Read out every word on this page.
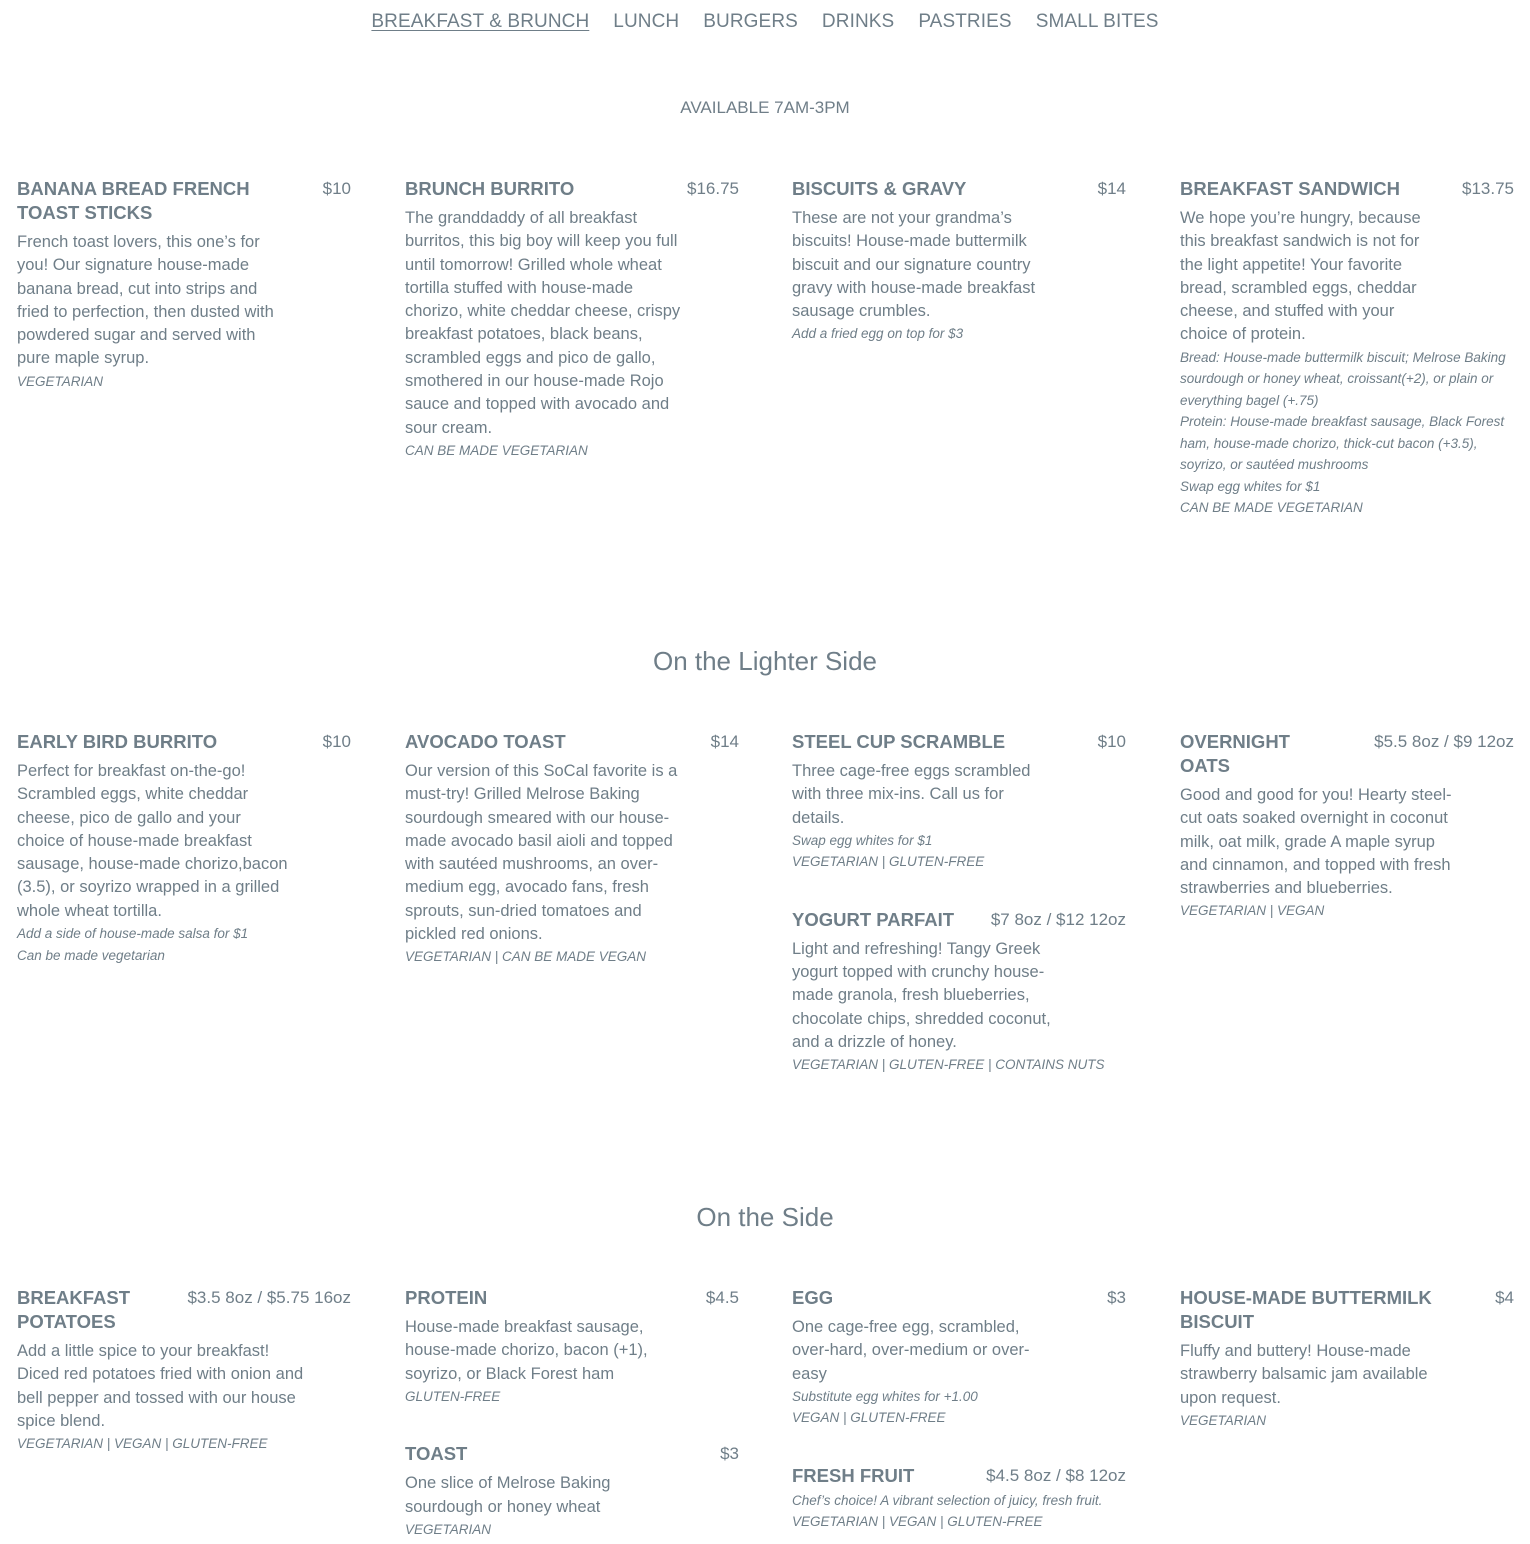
BREAKFAST & BRUNCH LUNCH BURGERS DRINKS PASTRIES SMALL BITES
AVAILABLE 7AM-3PM
BANANA BREAD FRENCH TOAST STICKS
$10
French toast lovers, this one’s for you! Our signature house-made banana bread, cut into strips and fried to perfection, then dusted with powdered sugar and served with pure maple syrup.
VEGETARIAN
BRUNCH BURRITO	$16.75
The granddaddy of all breakfast burritos, this big boy will keep you full until tomorrow! Grilled whole wheat tortilla stuffed with house-made chorizo, white cheddar cheese, crispy breakfast potatoes, black beans, scrambled eggs and pico de gallo, smothered in our house-made Rojo sauce and topped with avocado and sour cream.
CAN BE MADE VEGETARIAN
BISCUITS & GRAVY	$14
These are not your grandma’s biscuits! House-made buttermilk biscuit and our signature country gravy with house-made breakfast sausage crumbles.
Add a fried egg on top for $3
BREAKFAST SANDWICH	$13.75
We hope you’re hungry, because this breakfast sandwich is not for the light appetite! Your favorite bread, scrambled eggs, cheddar cheese, and stuffed with your choice of protein.
Bread: House-made buttermilk biscuit; Melrose Baking sourdough or honey wheat, croissant(+2), or plain or everything bagel (+.75)
Protein: House-made breakfast sausage, Black Forest ham, house-made chorizo, thick-cut bacon (+3.5), soyrizo, or sautéed mushrooms
Swap egg whites for $1
CAN BE MADE VEGETARIAN
On the Lighter Side
EARLY BIRD BURRITO	$10
Perfect for breakfast on-the-go! Scrambled eggs, white cheddar cheese, pico de gallo and your choice of house-made breakfast sausage, house-made chorizo,bacon (3.5), or soyrizo wrapped in a grilled whole wheat tortilla.
Add a side of house-made salsa for $1
Can be made vegetarian
AVOCADO TOAST	$14
Our version of this SoCal favorite is a must-try! Grilled Melrose Baking sourdough smeared with our house-made avocado basil aioli and topped with sautéed mushrooms, an over-medium egg, avocado fans, fresh sprouts, sun-dried tomatoes and pickled red onions.
VEGETARIAN | CAN BE MADE VEGAN
STEEL CUP SCRAMBLE	$10
Three cage-free eggs scrambled with three mix-ins. Call us for details.
Swap egg whites for $1
VEGETARIAN | GLUTEN-FREE
YOGURT PARFAIT	$7 8oz / $12 12oz
Light and refreshing! Tangy Greek yogurt topped with crunchy house-made granola, fresh blueberries, chocolate chips, shredded coconut, and a drizzle of honey.
VEGETARIAN | GLUTEN-FREE | CONTAINS NUTS
OVERNIGHT OATS
$5.5 8oz / $9 12oz
Good and good for you! Hearty steel-cut oats soaked overnight in coconut milk, oat milk, grade A maple syrup and cinnamon, and topped with fresh strawberries and blueberries.
VEGETARIAN | VEGAN
On the Side
BREAKFAST POTATOES
$3.5 8oz / $5.75 16oz
Add a little spice to your breakfast! Diced red potatoes fried with onion and bell pepper and tossed with our house spice blend.
VEGETARIAN | VEGAN | GLUTEN-FREE
PROTEIN	$4.5
House-made breakfast sausage, house-made chorizo, bacon (+1), soyrizo, or Black Forest ham
GLUTEN-FREE
TOAST	$3
One slice of Melrose Baking sourdough or honey wheat
VEGETARIAN
EGG	$3
One cage-free egg, scrambled, over-hard, over-medium or over-easy
Substitute egg whites for +1.00
VEGAN | GLUTEN-FREE
FRESH FRUIT	$4.5 8oz / $8 12oz
Chef’s choice! A vibrant selection of juicy, fresh fruit.
VEGETARIAN | VEGAN | GLUTEN-FREE
HOUSE-MADE BUTTERMILK BISCUIT
$4
Fluffy and buttery! House-made strawberry balsamic jam available upon request.
VEGETARIAN
